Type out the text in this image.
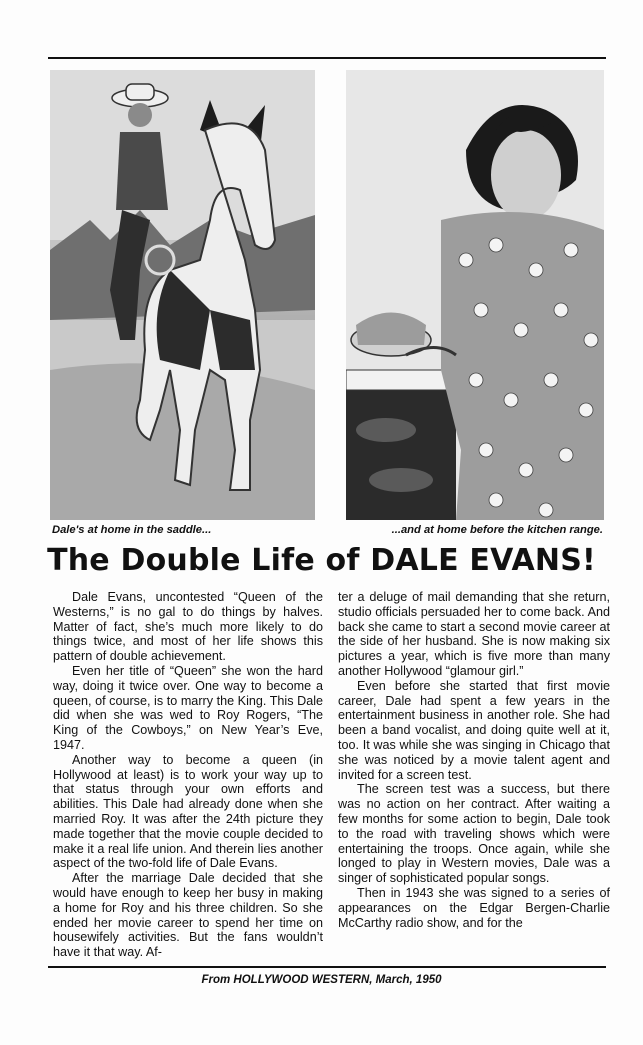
Dale's at home in the saddle...	...and at home before the kitchen range.
The Double Life of DALE EVANS!

Dale Evans, uncontested “Queen of the Westerns,” is no gal to do things by halves. Matter of fact, she’s much more likely to do things twice, and most of her life shows this pattern of double achievement.

Even her title of “Queen” she won the hard way, doing it twice over. One way to become a queen, of course, is to marry the King. This Dale did when she was wed to Roy Rogers, “The King of the Cowboys,” on New Year’s Eve, 1947.

Another way to become a queen (in Hollywood at least) is to work your way up to that status through your own efforts and abilities. This Dale had already done when she married Roy. It was after the 24th picture they made together that the movie couple decided to make it a real life union. And therein lies another aspect of the two-fold life of Dale Evans.

After the marriage Dale decided that she would have enough to keep her busy in making a home for Roy and his three children. So she ended her movie career to spend her time on housewifely activities. But the fans wouldn’t have it that way. Af-

ter a deluge of mail demanding that she return, studio officials persuaded her to come back. And back she came to start a second movie career at the side of her husband. She is now making six pictures a year, which is five more than many another Hollywood “glamour girl.”

Even before she started that first movie career, Dale had spent a few years in the entertainment business in another role. She had been a band vocalist, and doing quite well at it, too. It was while she was singing in Chicago that she was noticed by a movie talent agent and invited for a screen test.

The screen test was a success, but there was no action on her contract. After waiting a few months for some action to begin, Dale took to the road with traveling shows which were entertaining the troops. Once again, while she longed to play in Western movies, Dale was a singer of sophisticated popular songs.

Then in 1943 she was signed to a series of appearances on the Edgar Bergen-Charlie McCarthy radio show, and for the

From HOLLYWOOD WESTERN, March, 1950
